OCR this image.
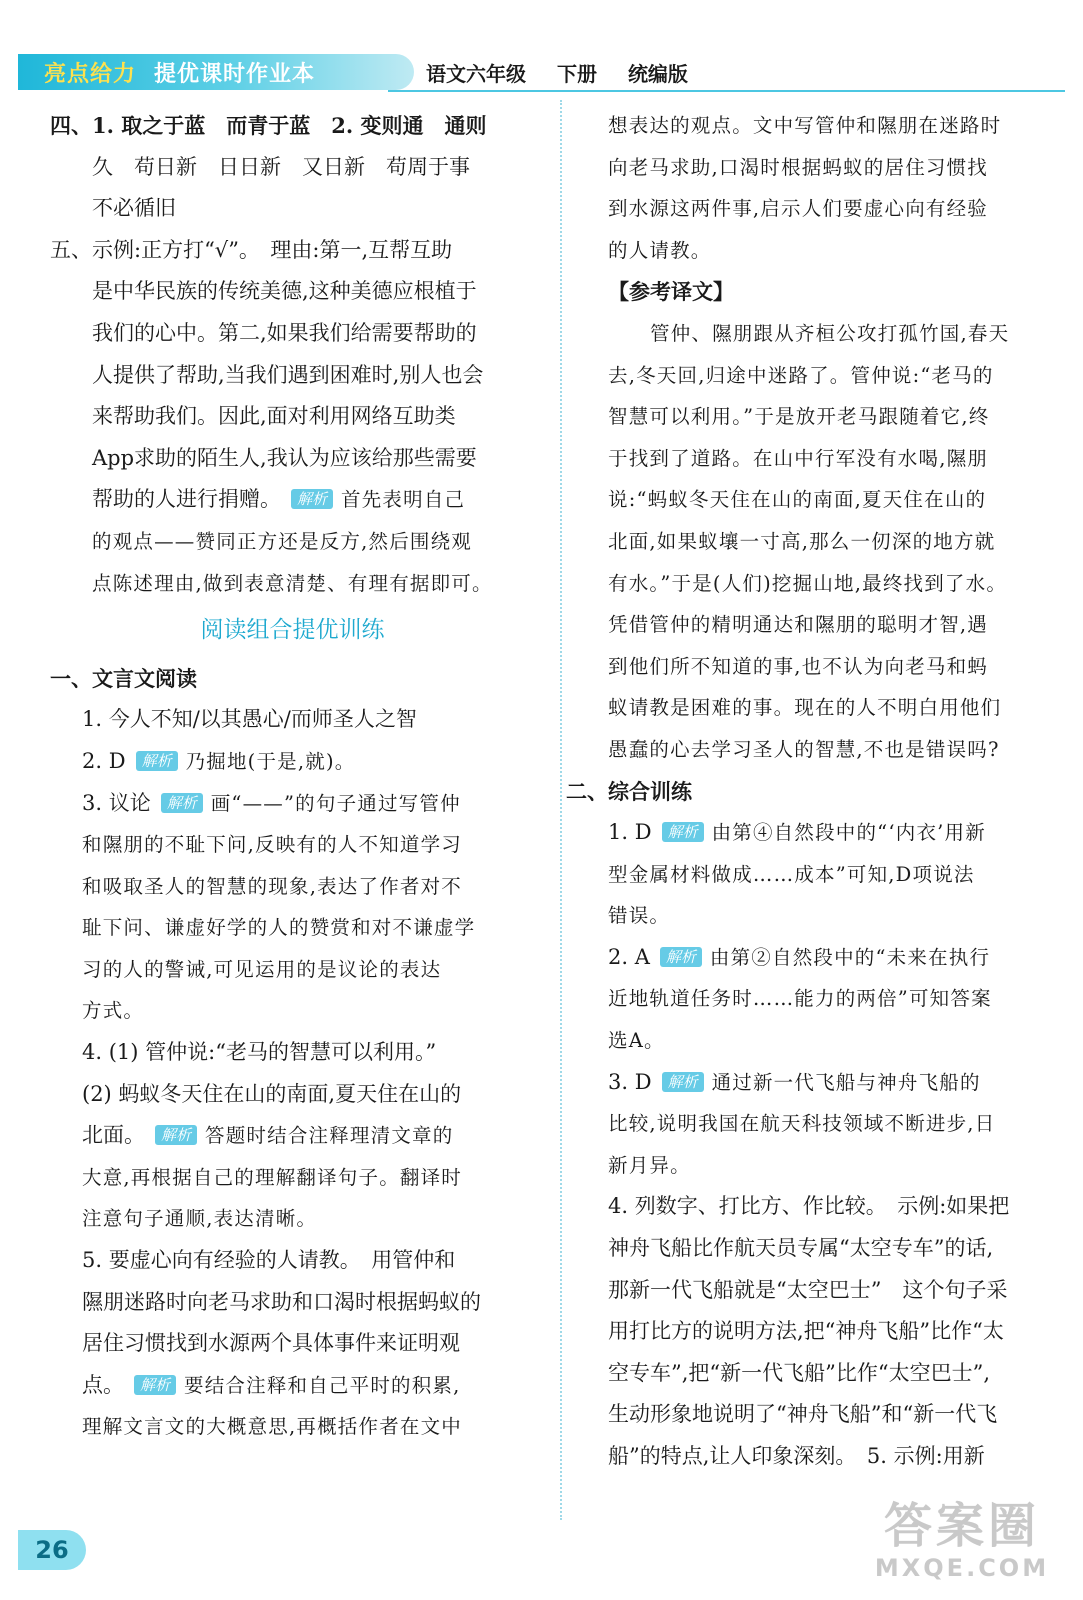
亮点给力 提优课时作业本	语文六年级 下册 统编版

四、1. 取之于蓝　而青于蓝　2. 变则通　通则

久　苟日新　日日新　又日新　苟周于事

不必循旧

五、示例:正方打“√”。　理由:第一,互帮互助

是中华民族的传统美德,这种美德应根植于

我们的心中。第二,如果我们给需要帮助的

人提供了帮助,当我们遇到困难时,别人也会

来帮助我们。因此,面对利用网络互助类

App求助的陌生人,我认为应该给那些需要

帮助的人进行捐赠。 解析 首先表明自己

的观点——赞同正方还是反方,然后围绕观

点陈述理由,做到表意清楚、有理有据即可。

阅读组合提优训练

一、文言文阅读

1. 今人不知/以其愚心/而师圣人之智

2. D 解析 乃掘地(于是,就)。

3. 议论 解析 画“——”的句子通过写管仲

和隰朋的不耻下问,反映有的人不知道学习

和吸取圣人的智慧的现象,表达了作者对不

耻下问、谦虚好学的人的赞赏和对不谦虚学

习的人的警诫,可见运用的是议论的表达

方式。

4. (1) 管仲说:“老马的智慧可以利用。”

(2) 蚂蚁冬天住在山的南面,夏天住在山的

北面。 解析 答题时结合注释理清文章的

大意,再根据自己的理解翻译句子。翻译时

注意句子通顺,表达清晰。

5. 要虚心向有经验的人请教。　用管仲和

隰朋迷路时向老马求助和口渴时根据蚂蚁的

居住习惯找到水源两个具体事件来证明观

点。 解析 要结合注释和自己平时的积累,

理解文言文的大概意思,再概括作者在文中

想表达的观点。文中写管仲和隰朋在迷路时

向老马求助,口渴时根据蚂蚁的居住习惯找

到水源这两件事,启示人们要虚心向有经验

的人请教。

【参考译文】

管仲、隰朋跟从齐桓公攻打孤竹国,春天

去,冬天回,归途中迷路了。管仲说:“老马的

智慧可以利用。”于是放开老马跟随着它,终

于找到了道路。在山中行军没有水喝,隰朋

说:“蚂蚁冬天住在山的南面,夏天住在山的

北面,如果蚁壤一寸高,那么一仞深的地方就

有水。”于是(人们)挖掘山地,最终找到了水。

凭借管仲的精明通达和隰朋的聪明才智,遇

到他们所不知道的事,也不认为向老马和蚂

蚁请教是困难的事。现在的人不明白用他们

愚蠢的心去学习圣人的智慧,不也是错误吗?

二、综合训练

1. D 解析 由第④自然段中的“‘内衣’用新

型金属材料做成……成本”可知,D项说法

错误。

2. A 解析 由第②自然段中的“未来在执行

近地轨道任务时……能力的两倍”可知答案

选A。

3. D 解析 通过新一代飞船与神舟飞船的

比较,说明我国在航天科技领域不断进步,日

新月异。

4. 列数字、打比方、作比较。　示例:如果把

神舟飞船比作航天员专属“太空专车”的话,

那新一代飞船就是“太空巴士”　这个句子采

用打比方的说明方法,把“神舟飞船”比作“太

空专车”,把“新一代飞船”比作“太空巴士”,

生动形象地说明了“神舟飞船”和“新一代飞

船”的特点,让人印象深刻。　5. 示例:用新

26	答案圈
MXQE.COM
